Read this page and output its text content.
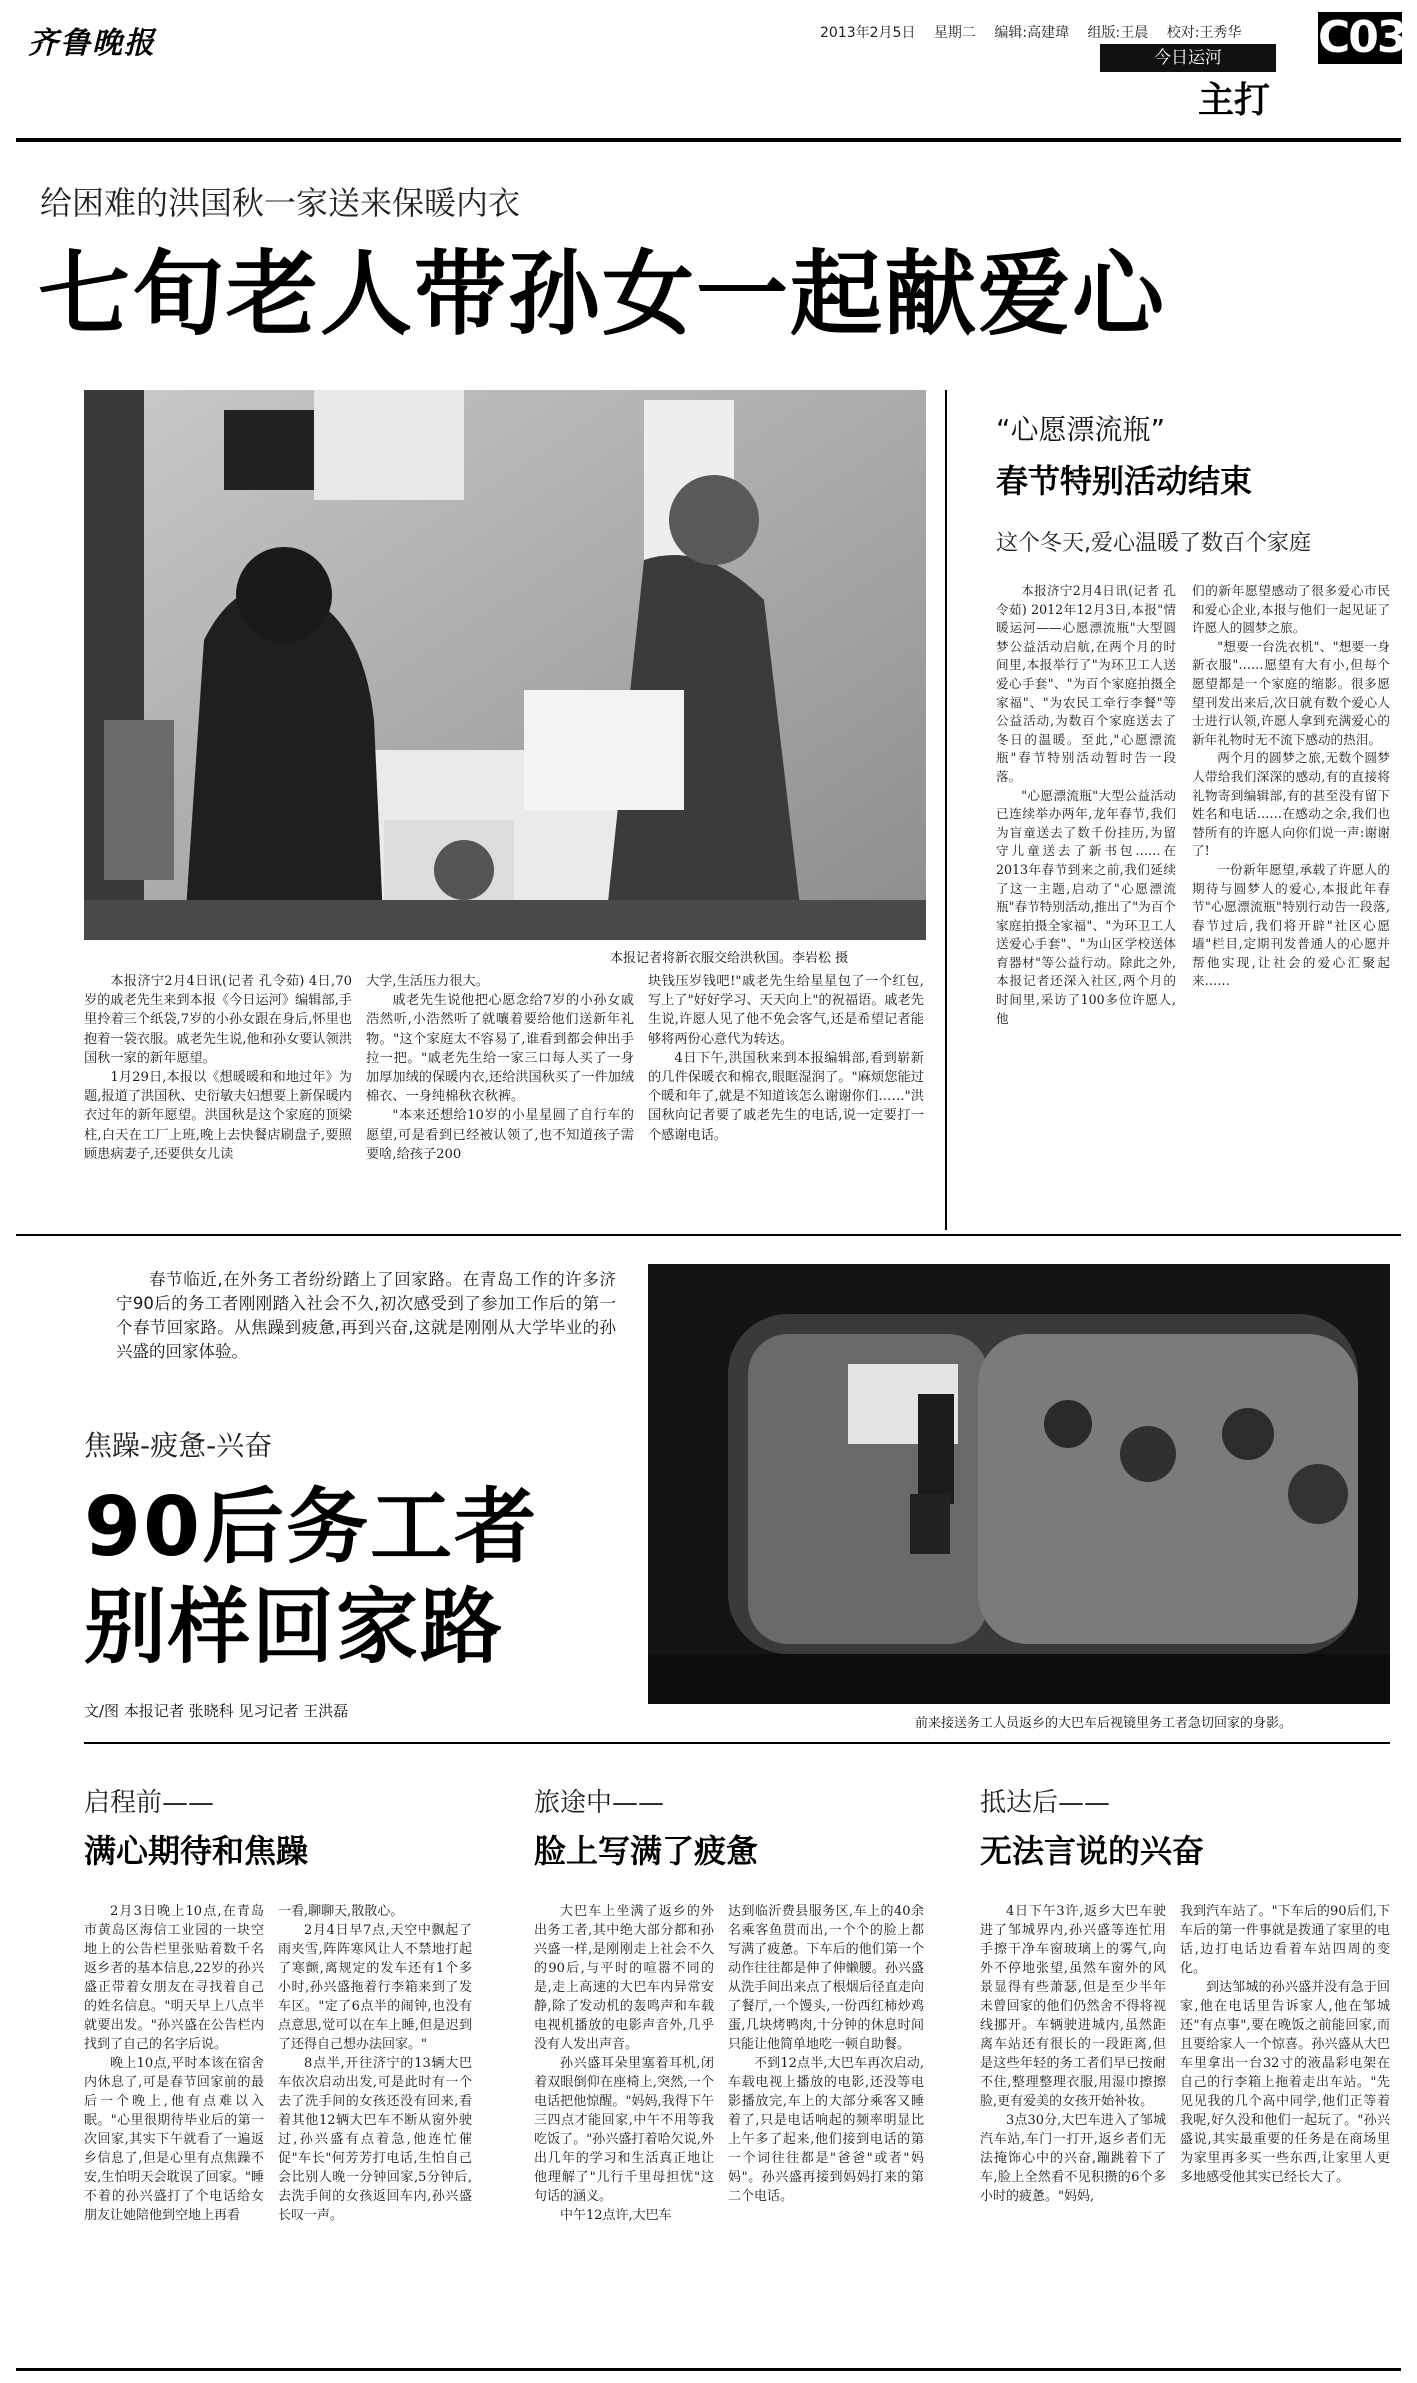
齐鲁晚报	2013年2月5日 星期二 编辑:高建瑋 组版:王晨 校对:王秀华
今日运河
主打
C03
给困难的洪国秋一家送来保暖内衣
七旬老人带孙女一起献爱心
本报记者将新衣服交给洪秋国。李岩松 摄

本报济宁2月4日讯(记者 孔令茹) 4日,70岁的戚老先生来到本报《今日运河》编辑部,手里拎着三个纸袋,7岁的小孙女跟在身后,怀里也抱着一袋衣服。戚老先生说,他和孙女要认领洪国秋一家的新年愿望。

1月29日,本报以《想暖暖和和地过年》为题,报道了洪国秋、史衍敏夫妇想要上新保暖内衣过年的新年愿望。洪国秋是这个家庭的顶梁柱,白天在工厂上班,晚上去快餐店刷盘子,要照顾患病妻子,还要供女儿读

大学,生活压力很大。

戚老先生说他把心愿念给7岁的小孙女戚浩然听,小浩然听了就嚷着要给他们送新年礼物。"这个家庭太不容易了,谁看到都会伸出手拉一把。"戚老先生给一家三口每人买了一身加厚加绒的保暖内衣,还给洪国秋买了一件加绒棉衣、一身纯棉秋衣秋裤。

"本来还想给10岁的小星星圆了自行车的愿望,可是看到已经被认领了,也不知道孩子需要啥,给孩子200

块钱压岁钱吧!"戚老先生给星星包了一个红包,写上了"好好学习、天天向上"的祝福语。戚老先生说,许愿人见了他不免会客气,还是希望记者能够将两份心意代为转达。

4日下午,洪国秋来到本报编辑部,看到崭新的几件保暖衣和棉衣,眼眶湿润了。"麻烦您能过个暖和年了,就是不知道该怎么谢谢你们……"洪国秋向记者要了戚老先生的电话,说一定要打一个感谢电话。

“心愿漂流瓶”
春节特别活动结束
这个冬天,爱心温暖了数百个家庭

本报济宁2月4日讯(记者 孔令茹) 2012年12月3日,本报"情暖运河——心愿漂流瓶"大型圆梦公益活动启航,在两个月的时间里,本报举行了"为环卫工人送爱心手套"、"为百个家庭拍摄全家福"、"为农民工牵行李餐"等公益活动,为数百个家庭送去了冬日的温暖。至此,"心愿漂流瓶"春节特别活动暂时告一段落。

"心愿漂流瓶"大型公益活动已连续举办两年,龙年春节,我们为盲童送去了数千份挂历,为留守儿童送去了新书包……在2013年春节到来之前,我们延续了这一主题,启动了"心愿漂流瓶"春节特别活动,推出了"为百个家庭拍摄全家福"、"为环卫工人送爱心手套"、"为山区学校送体育器材"等公益行动。除此之外,本报记者还深入社区,两个月的时间里,采访了100多位许愿人,他

们的新年愿望感动了很多爱心市民和爱心企业,本报与他们一起见证了许愿人的圆梦之旅。

"想要一台洗衣机"、"想要一身新衣服"……愿望有大有小,但每个愿望都是一个家庭的缩影。很多愿望刊发出来后,次日就有数个爱心人士进行认领,许愿人拿到充满爱心的新年礼物时无不流下感动的热泪。

两个月的圆梦之旅,无数个圆梦人带给我们深深的感动,有的直接将礼物寄到编辑部,有的甚至没有留下姓名和电话……在感动之余,我们也替所有的许愿人向你们说一声:谢谢了!

一份新年愿望,承载了许愿人的期待与圆梦人的爱心,本报此年春节"心愿漂流瓶"特别行动告一段落,春节过后,我们将开辟"社区心愿墙"栏目,定期刊发普通人的心愿并帮他实现,让社会的爱心汇聚起来……

春节临近,在外务工者纷纷踏上了回家路。在青岛工作的许多济宁90后的务工者刚刚踏入社会不久,初次感受到了参加工作后的第一个春节回家路。从焦躁到疲惫,再到兴奋,这就是刚刚从大学毕业的孙兴盛的回家体验。

焦躁-疲惫-兴奋
90后务工者
别样回家路
文/图 本报记者 张晓科 见习记者 王洪磊
前来接送务工人员返乡的大巴车后视镜里务工者急切回家的身影。
启程前——
满心期待和焦躁

2月3日晚上10点,在青岛市黄岛区海信工业园的一块空地上的公告栏里张贴着数千名返乡者的基本信息,22岁的孙兴盛正带着女朋友在寻找着自己的姓名信息。"明天早上八点半就要出发。"孙兴盛在公告栏内找到了自己的名字后说。

晚上10点,平时本该在宿舍内休息了,可是春节回家前的最后一个晚上,他有点难以入眠。"心里很期待毕业后的第一次回家,其实下午就看了一遍返乡信息了,但是心里有点焦躁不安,生怕明天会耽误了回家。"睡不着的孙兴盛打了个电话给女朋友让她陪他到空地上再看

一看,聊聊天,散散心。

2月4日早7点,天空中飘起了雨夹雪,阵阵寒风让人不禁地打起了寒颤,离规定的发车还有1个多小时,孙兴盛拖着行李箱来到了发车区。"定了6点半的闹钟,也没有点意思,觉可以在车上睡,但是迟到了还得自己想办法回家。"

8点半,开往济宁的13辆大巴车依次启动出发,可是此时有一个去了洗手间的女孩还没有回来,看着其他12辆大巴车不断从窗外驶过,孙兴盛有点着急,他连忙催促"车长"何芳芳打电话,生怕自己会比别人晚一分钟回家,5分钟后,去洗手间的女孩返回车内,孙兴盛长叹一声。

旅途中——
脸上写满了疲惫

大巴车上坐满了返乡的外出务工者,其中绝大部分都和孙兴盛一样,是刚刚走上社会不久的90后,与平时的喧嚣不同的是,走上高速的大巴车内异常安静,除了发动机的轰鸣声和车载电视机播放的电影声音外,几乎没有人发出声音。

孙兴盛耳朵里塞着耳机,闭着双眼倒仰在座椅上,突然,一个电话把他惊醒。"妈妈,我得下午三四点才能回家,中午不用等我吃饭了。"孙兴盛打着哈欠说,外出几年的学习和生活真正地让他理解了"儿行千里母担忧"这句话的涵义。

中午12点许,大巴车

达到临沂费县服务区,车上的40余名乘客鱼贯而出,一个个的脸上都写满了疲惫。下车后的他们第一个动作往往都是伸了伸懒腰。孙兴盛从洗手间出来点了根烟后径直走向了餐厅,一个馒头,一份西红柿炒鸡蛋,几块烤鸭肉,十分钟的休息时间只能让他简单地吃一顿自助餐。

不到12点半,大巴车再次启动,车载电视上播放的电影,还没等电影播放完,车上的大部分乘客又睡着了,只是电话响起的频率明显比上午多了起来,他们接到电话的第一个词往往都是"爸爸"或者"妈妈"。孙兴盛再接到妈妈打来的第二个电话。

抵达后——
无法言说的兴奋

4日下午3许,返乡大巴车驶进了邹城界内,孙兴盛等连忙用手擦干净车窗玻璃上的雾气,向外不停地张望,虽然车窗外的风景显得有些萧瑟,但是至少半年未曾回家的他们仍然舍不得将视线挪开。车辆驶进城内,虽然距离车站还有很长的一段距离,但是这些年轻的务工者们早已按耐不住,整理整理衣服,用湿巾擦擦脸,更有爱美的女孩开始补妆。

3点30分,大巴车进入了邹城汽车站,车门一打开,返乡者们无法掩饰心中的兴奋,蹦跳着下了车,脸上全然看不见积攒的6个多小时的疲惫。"妈妈,

我到汽车站了。"下车后的90后们,下车后的第一件事就是拨通了家里的电话,边打电话边看着车站四周的变化。

到达邹城的孙兴盛并没有急于回家,他在电话里告诉家人,他在邹城还"有点事",要在晚饭之前能回家,而且要给家人一个惊喜。孙兴盛从大巴车里拿出一台32寸的液晶彩电架在自己的行李箱上拖着走出车站。"先见见我的几个高中同学,他们正等着我呢,好久没和他们一起玩了。"孙兴盛说,其实最重要的任务是在商场里为家里再多买一些东西,让家里人更多地感受他其实已经长大了。
